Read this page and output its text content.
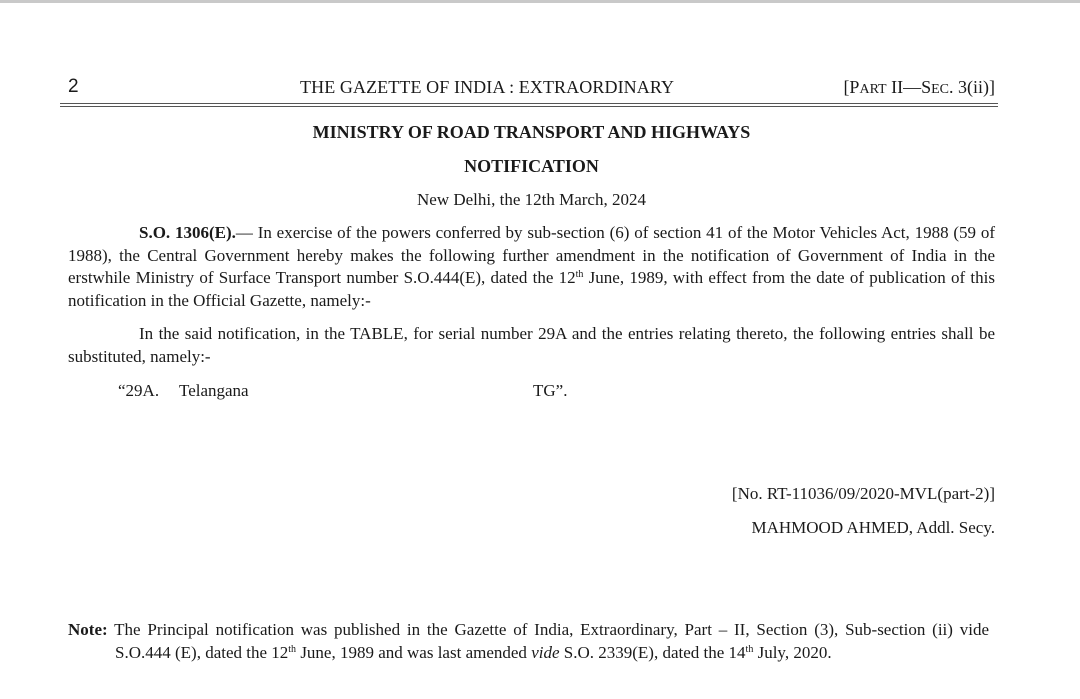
2	THE GAZETTE OF INDIA : EXTRAORDINARY	[PART II—SEC. 3(ii)]
MINISTRY OF ROAD TRANSPORT AND HIGHWAYS
NOTIFICATION
New Delhi, the 12th March, 2024

S.O. 1306(E).— In exercise of the powers conferred by sub-section (6) of section 41 of the Motor Vehicles Act, 1988 (59 of 1988), the Central Government hereby makes the following further amendment in the notification of Government of India in the erstwhile Ministry of Surface Transport number S.O.444(E), dated the 12th June, 1989, with effect from the date of publication of this notification in the Official Gazette, namely:-

In the said notification, in the TABLE, for serial number 29A and the entries relating thereto, the following entries shall be substituted, namely:-

“29A. Telangana	TG”.
[No. RT-11036/09/2020-MVL(part-2)]
MAHMOOD AHMED, Addl. Secy.

Note: The Principal notification was published in the Gazette of India, Extraordinary, Part – II, Section (3), Sub-section (ii) vide S.O.444 (E), dated the 12th June, 1989 and was last amended vide S.O. 2339(E), dated the 14th July, 2020.
